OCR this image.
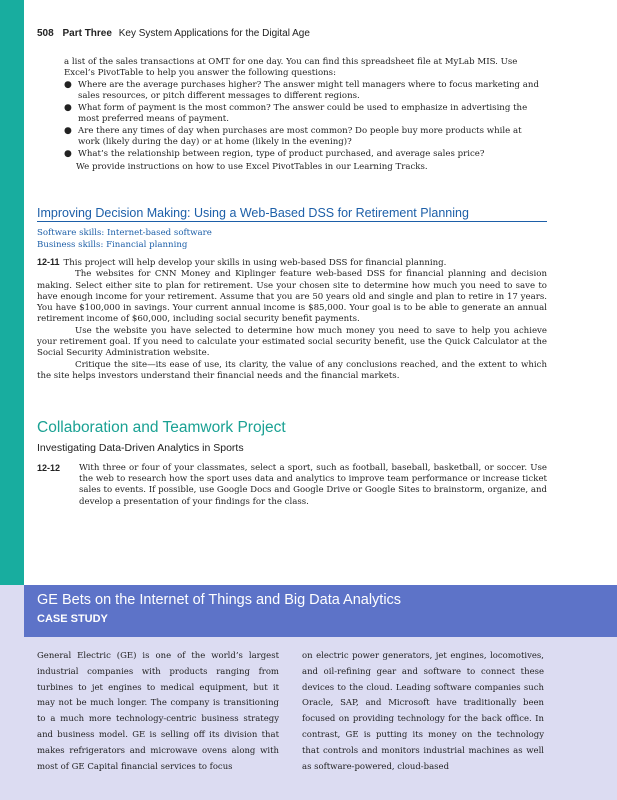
508 Part Three Key System Applications for the Digital Age

a list of the sales transactions at OMT for one day. You can find this spreadsheet file at MyLab MIS. Use Excel’s PivotTable to help you answer the following questions:

● Where are the average purchases higher? The answer might tell managers where to focus marketing and sales resources, or pitch different messages to different regions.
● What form of payment is the most common? The answer could be used to emphasize in advertising the most preferred means of payment.
● Are there any times of day when purchases are most common? Do people buy more products while at work (likely during the day) or at home (likely in the evening)?
● What’s the relationship between region, type of product purchased, and average sales price?

We provide instructions on how to use Excel PivotTables in our Learning Tracks.

Improving Decision Making: Using a Web-Based DSS for Retirement Planning
Software skills: Internet-based software
Business skills: Financial planning

12-11 This project will help develop your skills in using web-based DSS for financial planning.

The websites for CNN Money and Kiplinger feature web-based DSS for financial planning and decision making. Select either site to plan for retirement. Use your chosen site to determine how much you need to save to have enough income for your retirement. Assume that you are 50 years old and single and plan to retire in 17 years. You have $100,000 in savings. Your current annual income is $85,000. Your goal is to be able to generate an annual retirement income of $60,000, including social security benefit payments.

Use the website you have selected to determine how much money you need to save to help you achieve your retirement goal. If you need to calculate your estimated social security benefit, use the Quick Calculator at the Social Security Administration website.

Critique the site—its ease of use, its clarity, the value of any conclusions reached, and the extent to which the site helps investors understand their financial needs and the financial markets.

Collaboration and Teamwork Project
Investigating Data-Driven Analytics in Sports
12-12 With three or four of your classmates, select a sport, such as football, baseball, basketball, or soccer. Use the web to research how the sport uses data and analytics to improve team performance or increase ticket sales to events. If possible, use Google Docs and Google Drive or Google Sites to brainstorm, organize, and develop a presentation of your findings for the class.
GE Bets on the Internet of Things and Big Data Analytics
CASE STUDY
General Electric (GE) is one of the world’s largest industrial companies with products ranging from turbines to jet engines to medical equipment, but it may not be much longer. The company is transitioning to a much more technology-centric business strategy and business model. GE is selling off its division that makes refrigerators and microwave ovens along with most of GE Capital financial services to focus
on electric power generators, jet engines, locomotives, and oil-refining gear and software to connect these devices to the cloud. Leading software companies such Oracle, SAP, and Microsoft have traditionally been focused on providing technology for the back office. In contrast, GE is putting its money on the technology that controls and monitors industrial machines as well as software-powered, cloud-based
